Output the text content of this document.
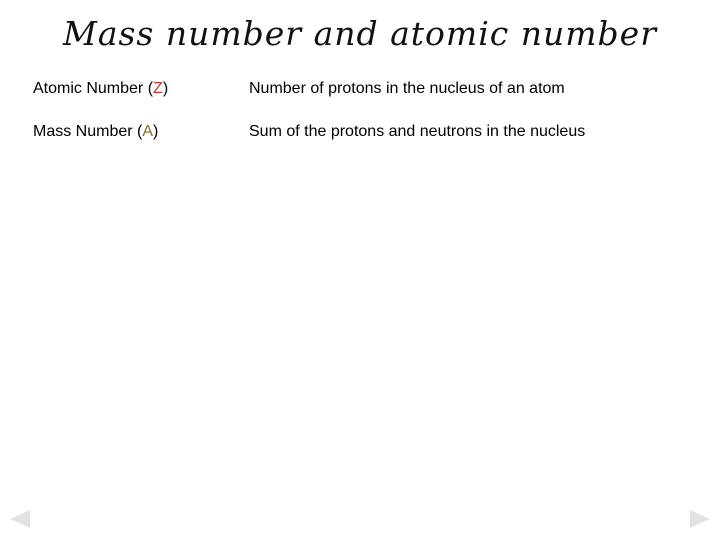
Mass number and atomic number
Atomic Number (Z)	Number of protons in the nucleus of an atom
Mass Number (A)	Sum of the protons and neutrons in the nucleus
